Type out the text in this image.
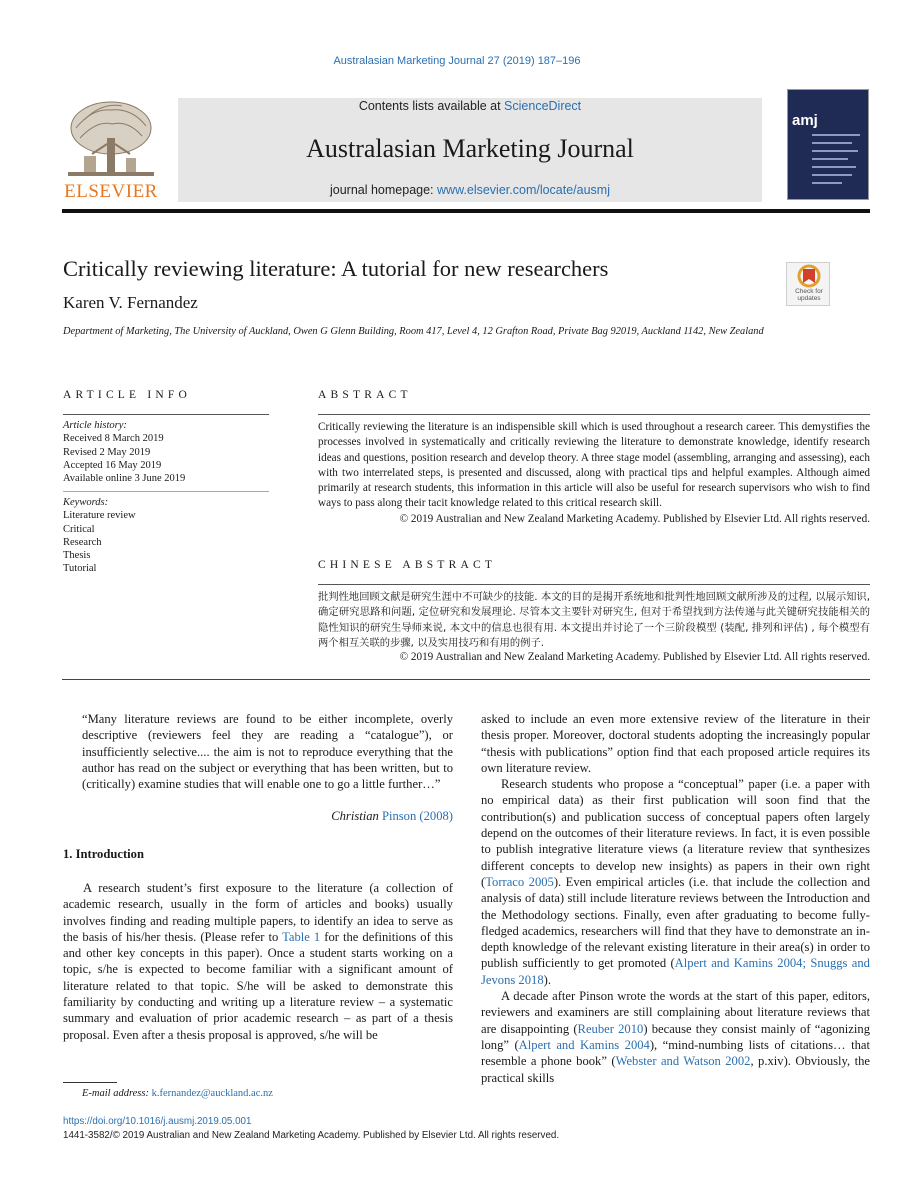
Australasian Marketing Journal 27 (2019) 187–196
ELSEVIER
Contents lists available at ScienceDirect
Australasian Marketing Journal
journal homepage: www.elsevier.com/locate/ausmj
amj
Critically reviewing literature: A tutorial for new researchers
Karen V. Fernandez
Department of Marketing, The University of Auckland, Owen G Glenn Building, Room 417, Level 4, 12 Grafton Road, Private Bag 92019, Auckland 1142, New Zealand
Check for updates
ARTICLE INFO	ABSTRACT
Article history:
Received 8 March 2019
Revised 2 May 2019
Accepted 16 May 2019
Available online 3 June 2019
Keywords:
Literature review
Critical
Research
Thesis
Tutorial
Critically reviewing the literature is an indispensible skill which is used throughout a research career. This demystifies the processes involved in systematically and critically reviewing the literature to demonstrate knowledge, identify research ideas and questions, position research and develop theory. A three stage model (assembling, arranging and assessing), each with two interrelated steps, is presented and discussed, along with practical tips and helpful examples. Although aimed primarily at research students, this information in this article will also be useful for research supervisors who wish to find ways to pass along their tacit knowledge related to this critical research skill.
© 2019 Australian and New Zealand Marketing Academy. Published by Elsevier Ltd. All rights reserved.
CHINESE ABSTRACT
批判性地回顾文献是研究生涯中不可缺少的技能. 本文的目的是揭开系统地和批判性地回顾文献所涉及的过程, 以展示知识, 确定研究思路和问题, 定位研究和发展理论. 尽管本文主要针对研究生, 但对于希望找到方法传递与此关键研究技能相关的隐性知识的研究生导师来说, 本文中的信息也很有用. 本文提出并讨论了一个三阶段模型 (装配, 排列和评估) , 每个模型有两个相互关联的步骤, 以及实用技巧和有用的例子.
© 2019 Australian and New Zealand Marketing Academy. Published by Elsevier Ltd. All rights reserved.
“Many literature reviews are found to be either incomplete, overly descriptive (reviewers feel they are reading a “catalogue”), or insufficiently selective.... the aim is not to reproduce everything that the author has read on the subject or everything that has been written, but to (critically) examine studies that will enable one to go a little further…”
Christian Pinson (2008)
1. Introduction
A research student’s first exposure to the literature (a collection of academic research, usually in the form of articles and books) usually involves finding and reading multiple papers, to identify an idea to serve as the basis of his/her thesis. (Please refer to Table 1 for the definitions of this and other key concepts in this paper). Once a student starts working on a topic, s/he is expected to become familiar with a significant amount of literature related to that topic. S/he will be asked to demonstrate this familiarity by conducting and writing up a literature review – a systematic summary and evaluation of prior academic research – as part of a thesis proposal. Even after a thesis proposal is approved, s/he will be

asked to include an even more extensive review of the literature in their thesis proper. Moreover, doctoral students adopting the increasingly popular “thesis with publications” option find that each proposed article requires its own literature review.

Research students who propose a “conceptual” paper (i.e. a paper with no empirical data) as their first publication will soon find that the contribution(s) and publication success of conceptual papers often largely depend on the outcomes of their literature reviews. In fact, it is even possible to publish integrative literature views (a literature review that synthesizes different concepts to develop new insights) as papers in their own right (Torraco 2005). Even empirical articles (i.e. that include the collection and analysis of data) still include literature reviews between the Introduction and the Methodology sections. Finally, even after graduating to become fully-fledged academics, researchers will find that they have to demonstrate an in-depth knowledge of the relevant existing literature in their area(s) in order to publish sufficiently to get promoted (Alpert and Kamins 2004; Snuggs and Jevons 2018).

A decade after Pinson wrote the words at the start of this paper, editors, reviewers and examiners are still complaining about literature reviews that are disappointing (Reuber 2010) because they consist mainly of “agonizing long” (Alpert and Kamins 2004), “mind-numbing lists of citations… that resemble a phone book” (Webster and Watson 2002, p.xiv). Obviously, the practical skills

E-mail address: k.fernandez@auckland.ac.nz
https://doi.org/10.1016/j.ausmj.2019.05.001
1441-3582/© 2019 Australian and New Zealand Marketing Academy. Published by Elsevier Ltd. All rights reserved.
